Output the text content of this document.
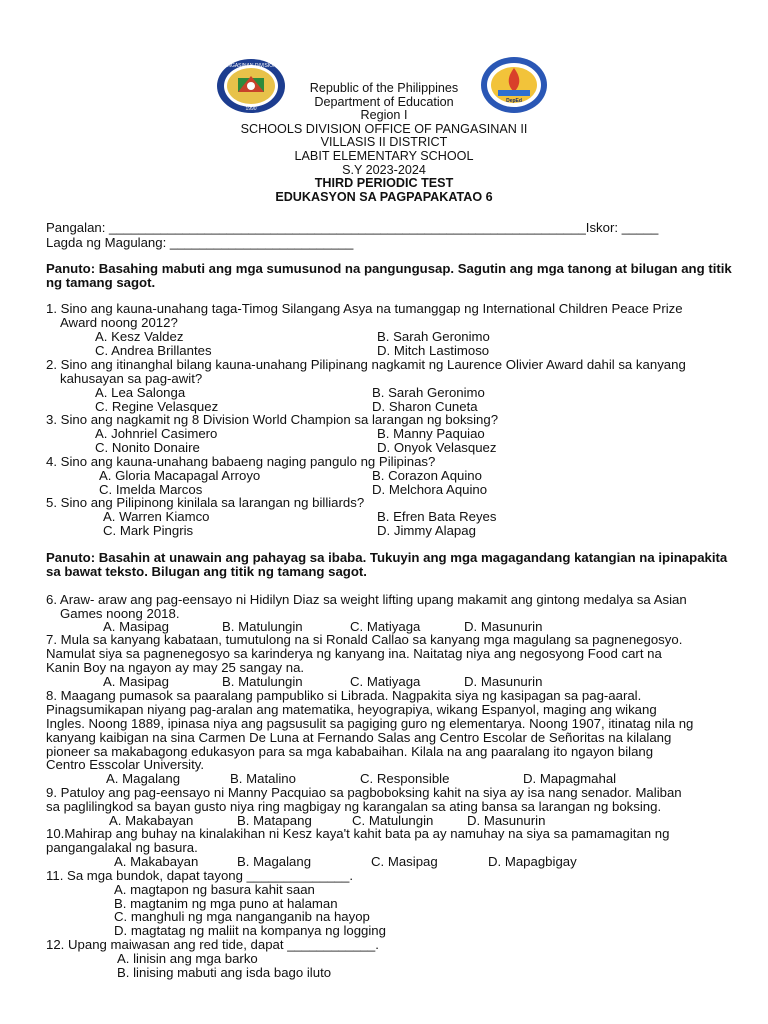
PANGASINAN DIVISION II
1990
DepEd
Republic of the Philippines
Department of Education
Region I
SCHOOLS DIVISION OFFICE OF PANGASINAN II
VILLASIS II DISTRICT
LABIT ELEMENTARY SCHOOL
S.Y 2023-2024
THIRD PERIODIC TEST
EDUKASYON SA PAGPAPAKATAO 6
Pangalan: _________________________________________________________________Iskor: _____
Lagda ng Magulang: _________________________
Panuto: Basahing mabuti ang mga sumusunod na pangungusap. Sagutin ang mga tanong at bilugan ang titik ng tamang sagot.
1. Sino ang kauna-unahang taga-Timog Silangang Asya na tumanggap ng International Children Peace Prize
Award noong 2012?
A. Kesz Valdez	B. Sarah Geronimo
C. Andrea Brillantes	D. Mitch Lastimoso
2. Sino ang itinanghal bilang kauna-unahang Pilipinang nagkamit ng Laurence Olivier Award dahil sa kanyang
kahusayan sa pag-awit?
A. Lea Salonga	B. Sarah Geronimo
C. Regine Velasquez	D. Sharon Cuneta
3. Sino ang nagkamit ng 8 Division World Champion sa larangan ng boksing?
A. Johnriel Casimero	B. Manny Paquiao
C. Nonito Donaire	D. Onyok Velasquez
4. Sino ang kauna-unahang babaeng naging pangulo ng Pilipinas?
A. Gloria Macapagal Arroyo	B. Corazon Aquino
C. Imelda Marcos	D. Melchora Aquino
5. Sino ang Pilipinong kinilala sa larangan ng billiards?
A. Warren Kiamco	B. Efren Bata Reyes
C. Mark Pingris	D. Jimmy Alapag
Panuto: Basahin at unawain ang pahayag sa ibaba. Tukuyin ang mga magagandang katangian na ipinapakita sa bawat teksto. Bilugan ang titik ng tamang sagot.
6. Araw- araw ang pag-eensayo ni Hidilyn Diaz sa weight lifting upang makamit ang gintong medalya sa Asian
Games noong 2018.
A. Masipag	B. Matulungin	C. Matiyaga	D. Masunurin
7. Mula sa kanyang kabataan, tumutulong na si Ronald Callao sa kanyang mga magulang sa pagnenegosyo.
Namulat siya sa pagnenegosyo sa karinderya ng kanyang ina. Naitatag niya ang negosyong Food cart na
Kanin Boy na ngayon ay may 25 sangay na.
A. Masipag	B. Matulungin	C. Matiyaga	D. Masunurin
8. Maagang pumasok sa paaralang pampubliko si Librada. Nagpakita siya ng kasipagan sa pag-aaral.
Pinagsumikapan niyang pag-aralan ang matematika, heyograpiya, wikang Espanyol, maging ang wikang
Ingles. Noong 1889, ipinasa niya ang pagsusulit sa pagiging guro ng elementarya. Noong 1907, itinatag nila ng
kanyang kaibigan na sina Carmen De Luna at Fernando Salas ang Centro Escolar de Señoritas na kilalang
pioneer sa makabagong edukasyon para sa mga kababaihan. Kilala na ang paaralang ito ngayon bilang
Centro Esscolar University.
A. Magalang	B. Matalino	C. Responsible	D. Mapagmahal
9. Patuloy ang pag-eensayo ni Manny Pacquiao sa pagboboksing kahit na siya ay isa nang senador. Maliban
sa paglilingkod sa bayan gusto niya ring magbigay ng karangalan sa ating bansa sa larangan ng boksing.
A. Makabayan	B. Matapang	C. Matulungin	D. Masunurin
10.Mahirap ang buhay na kinalakihan ni Kesz kaya't kahit bata pa ay namuhay na siya sa pamamagitan ng
pangangalakal ng basura.
A. Makabayan	B. Magalang	C. Masipag	D. Mapagbigay
11. Sa mga bundok, dapat tayong ______________.
A. magtapon ng basura kahit saan
B. magtanim ng mga puno at halaman
C. manghuli ng mga nanganganib na hayop
D. magtatag ng maliit na kompanya ng logging
12. Upang maiwasan ang red tide, dapat ____________.
A. linisin ang mga barko
B. linising mabuti ang isda bago iluto
